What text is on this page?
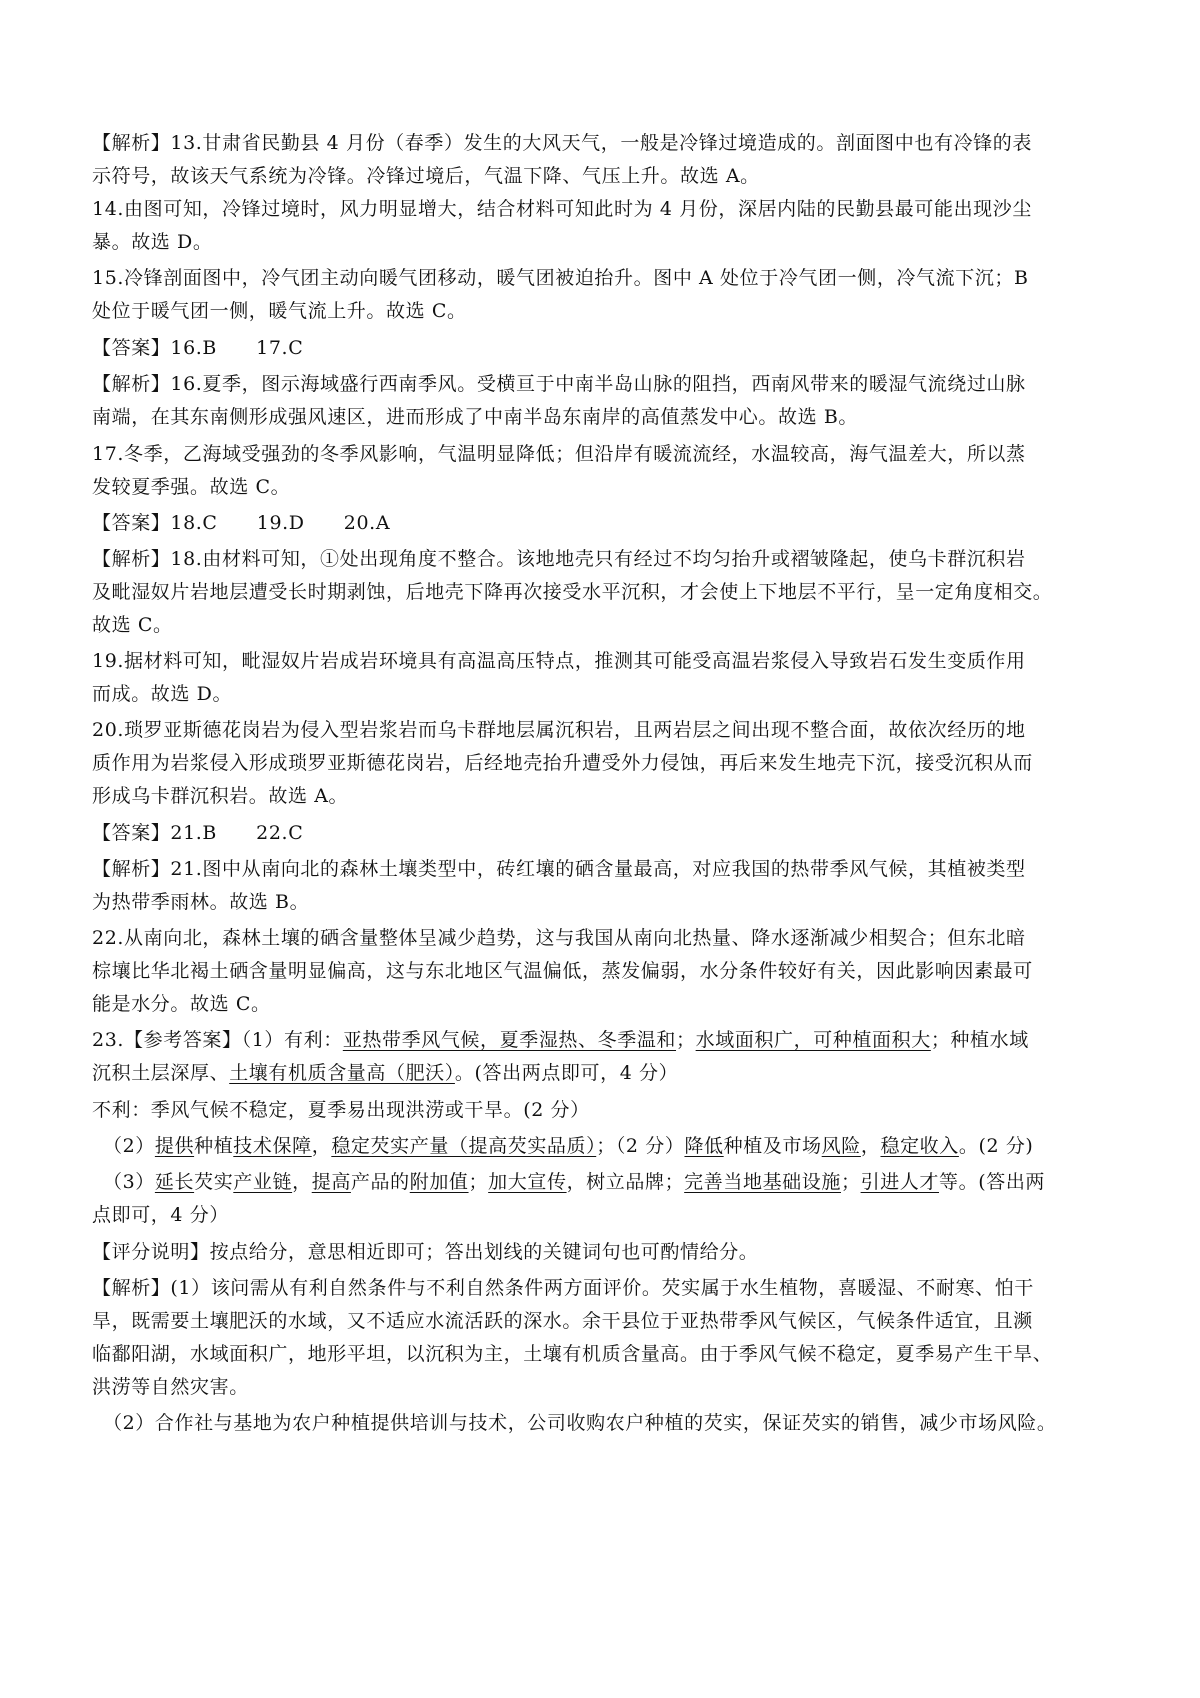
【解析】13.甘肃省民勤县 4 月份（春季）发生的大风天气，一般是冷锋过境造成的。剖面图中也有冷锋的表
示符号，故该天气系统为冷锋。冷锋过境后，气温下降、气压上升。故选 A。
14.由图可知，冷锋过境时，风力明显增大，结合材料可知此时为 4 月份，深居内陆的民勤县最可能出现沙尘
暴。故选 D。
15.冷锋剖面图中，冷气团主动向暖气团移动，暖气团被迫抬升。图中 A 处位于冷气团一侧，冷气流下沉；B
处位于暖气团一侧，暖气流上升。故选 C。
【答案】16.B　　17.C
【解析】16.夏季，图示海域盛行西南季风。受横亘于中南半岛山脉的阻挡，西南风带来的暖湿气流绕过山脉
南端，在其东南侧形成强风速区，进而形成了中南半岛东南岸的高值蒸发中心。故选 B。
17.冬季，乙海域受强劲的冬季风影响，气温明显降低；但沿岸有暖流流经，水温较高，海气温差大，所以蒸
发较夏季强。故选 C。
【答案】18.C　　19.D　　20.A
【解析】18.由材料可知，①处出现角度不整合。该地地壳只有经过不均匀抬升或褶皱隆起，使乌卡群沉积岩
及毗湿奴片岩地层遭受长时期剥蚀，后地壳下降再次接受水平沉积，才会使上下地层不平行，呈一定角度相交。
故选 C。
19.据材料可知，毗湿奴片岩成岩环境具有高温高压特点，推测其可能受高温岩浆侵入导致岩石发生变质作用
而成。故选 D。
20.琐罗亚斯德花岗岩为侵入型岩浆岩而乌卡群地层属沉积岩，且两岩层之间出现不整合面，故依次经历的地
质作用为岩浆侵入形成琐罗亚斯德花岗岩，后经地壳抬升遭受外力侵蚀，再后来发生地壳下沉，接受沉积从而
形成乌卡群沉积岩。故选 A。
【答案】21.B　　22.C
【解析】21.图中从南向北的森林土壤类型中，砖红壤的硒含量最高，对应我国的热带季风气候，其植被类型
为热带季雨林。故选 B。
22.从南向北，森林土壤的硒含量整体呈减少趋势，这与我国从南向北热量、降水逐渐减少相契合；但东北暗
棕壤比华北褐土硒含量明显偏高，这与东北地区气温偏低，蒸发偏弱，水分条件较好有关，因此影响因素最可
能是水分。故选 C。
23.【参考答案】（1）有利：亚热带季风气候，夏季湿热、冬季温和；水域面积广，可种植面积大；种植水域
沉积土层深厚、土壤有机质含量高（肥沃）。(答出两点即可，4 分）
不利：季风气候不稳定，夏季易出现洪涝或干旱。(2 分）
（2）提供种植技术保障，稳定芡实产量（提高芡实品质）；（2 分）降低种植及市场风险，稳定收入。(2 分)
（3）延长芡实产业链，提高产品的附加值；加大宣传，树立品牌；完善当地基础设施；引进人才等。(答出两
点即可，4 分）
【评分说明】按点给分，意思相近即可；答出划线的关键词句也可酌情给分。
【解析】(1）该问需从有利自然条件与不利自然条件两方面评价。芡实属于水生植物，喜暖湿、不耐寒、怕干
旱，既需要土壤肥沃的水域，又不适应水流活跃的深水。余干县位于亚热带季风气候区，气候条件适宜，且濒
临鄱阳湖，水域面积广，地形平坦，以沉积为主，土壤有机质含量高。由于季风气候不稳定，夏季易产生干旱、
洪涝等自然灾害。
（2）合作社与基地为农户种植提供培训与技术，公司收购农户种植的芡实，保证芡实的销售，减少市场风险。
